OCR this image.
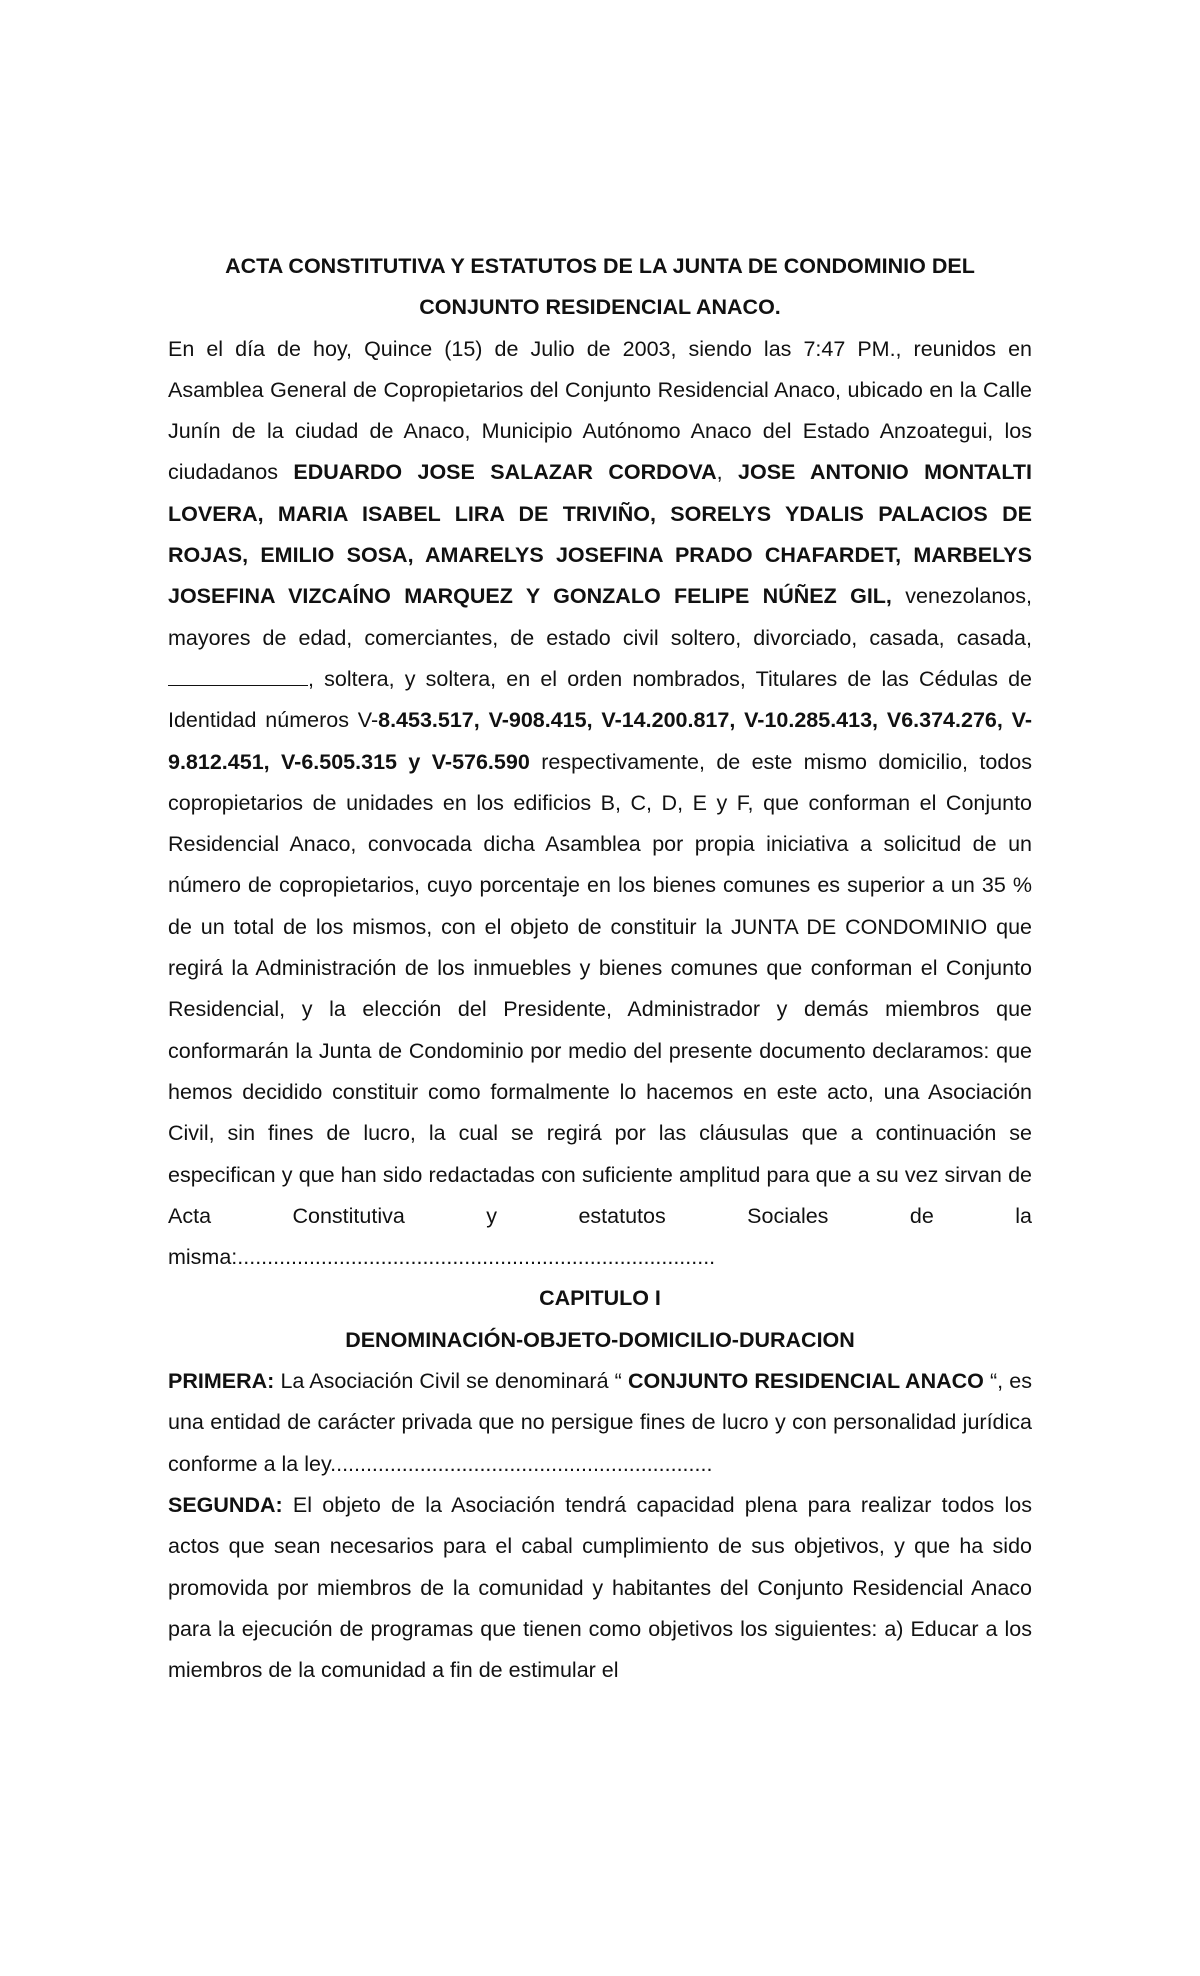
ACTA CONSTITUTIVA Y ESTATUTOS DE LA JUNTA DE CONDOMINIO DEL
CONJUNTO RESIDENCIAL ANACO.

En el día de hoy, Quince (15) de Julio de 2003, siendo las 7:47 PM., reunidos en Asamblea General de Copropietarios del Conjunto Residencial Anaco, ubicado en la Calle Junín de la ciudad de Anaco, Municipio Autónomo Anaco del Estado Anzoategui, los ciudadanos EDUARDO JOSE SALAZAR CORDOVA, JOSE ANTONIO MONTALTI LOVERA, MARIA ISABEL LIRA DE TRIVIÑO, SORELYS YDALIS PALACIOS DE ROJAS, EMILIO SOSA, AMARELYS JOSEFINA PRADO CHAFARDET, MARBELYS JOSEFINA VIZCAÍNO MARQUEZ Y GONZALO FELIPE NÚÑEZ GIL, venezolanos, mayores de edad, comerciantes, de estado civil soltero, divorciado, casada, casada, , soltera, y soltera, en el orden nombrados, Titulares de las Cédulas de Identidad números V-8.453.517, V-908.415, V-14.200.817, V-10.285.413, V6.374.276, V-9.812.451, V-6.505.315 y V-576.590 respectivamente, de este mismo domicilio, todos copropietarios de unidades en los edificios B, C, D, E y F, que conforman el Conjunto Residencial Anaco, convocada dicha Asamblea por propia iniciativa a solicitud de un número de copropietarios, cuyo porcentaje en los bienes comunes es superior a un 35 % de un total de los mismos, con el objeto de constituir la JUNTA DE CONDOMINIO que regirá la Administración de los inmuebles y bienes comunes que conforman el Conjunto Residencial, y la elección del Presidente, Administrador y demás miembros que conformarán la Junta de Condominio por medio del presente documento declaramos: que hemos decidido constituir como formalmente lo hacemos en este acto, una Asociación Civil, sin fines de lucro, la cual se regirá por las cláusulas que a continuación se especifican y que han sido redactadas con suficiente amplitud para que a su vez sirvan de Acta Constitutiva y estatutos Sociales de la misma:................................................................................

CAPITULO I

DENOMINACIÓN-OBJETO-DOMICILIO-DURACION

PRIMERA: La Asociación Civil se denominará “ CONJUNTO RESIDENCIAL ANACO “, es una entidad de carácter privada que no persigue fines de lucro y con personalidad jurídica conforme a la ley................................................................

SEGUNDA: El objeto de la Asociación tendrá capacidad plena para realizar todos los actos que sean necesarios para el cabal cumplimiento de sus objetivos, y que ha sido promovida por miembros de la comunidad y habitantes del Conjunto Residencial Anaco para la ejecución de programas que tienen como objetivos los siguientes: a) Educar a los miembros de la comunidad a fin de estimular el
